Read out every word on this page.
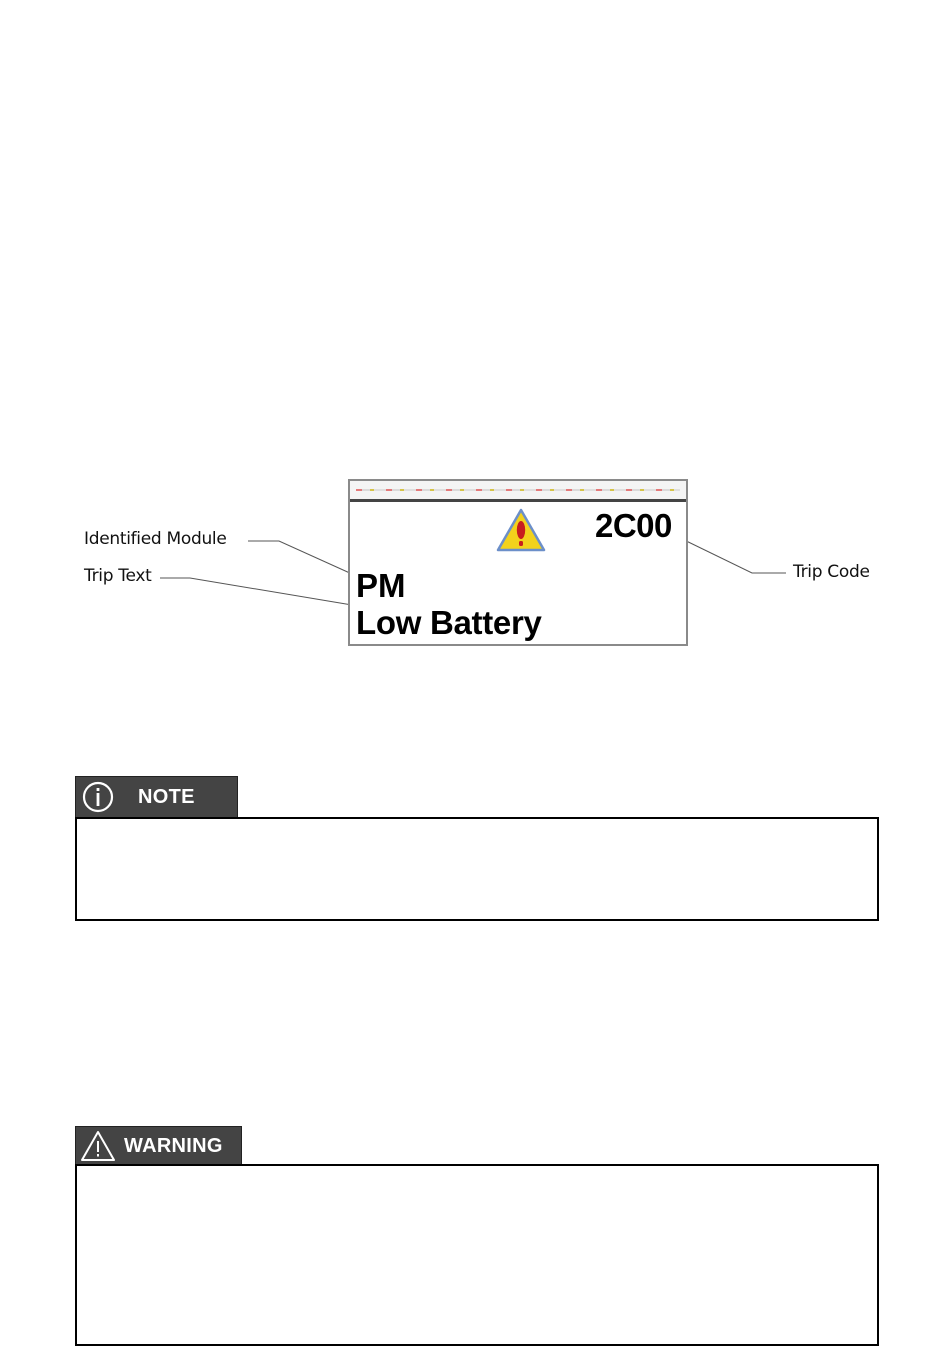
Identified Module
Trip Text	Trip Code
2C00
PM
Low Battery
NOTE
WARNING
